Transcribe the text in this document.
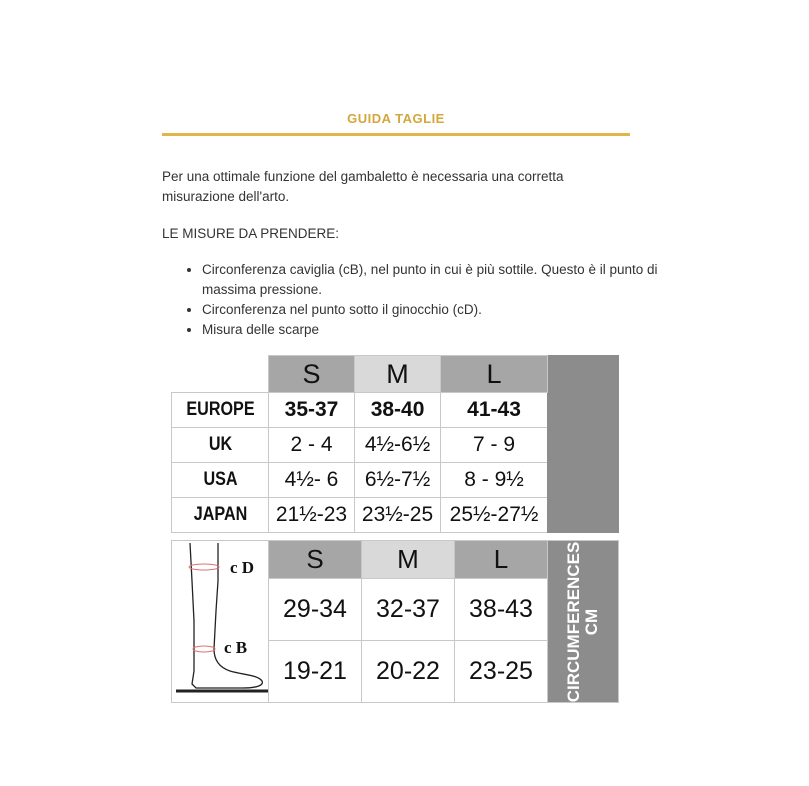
GUIDA TAGLIE
Per una ottimale funzione del gambaletto è necessaria una corretta misurazione dell'arto.
LE MISURE DA PRENDERE:
• Circonferenza caviglia (cB), nel punto in cui è più sottile. Questo è il punto di massima pressione.
• Circonferenza nel punto sotto il ginocchio (cD).
• Misura delle scarpe
	S	M	L	
EUROPE	35-37	38-40	41-43	
UK	2 - 4	4½-6½	7 - 9	
USA	4½- 6	6½-7½	8 - 9½	
JAPAN	21½-23	23½-25	25½-27½	
c D
c B	S	M	L	CIRCUMFERENCES CM

	29-34	32-37	38-43	
	19-21	20-22	23-25	
